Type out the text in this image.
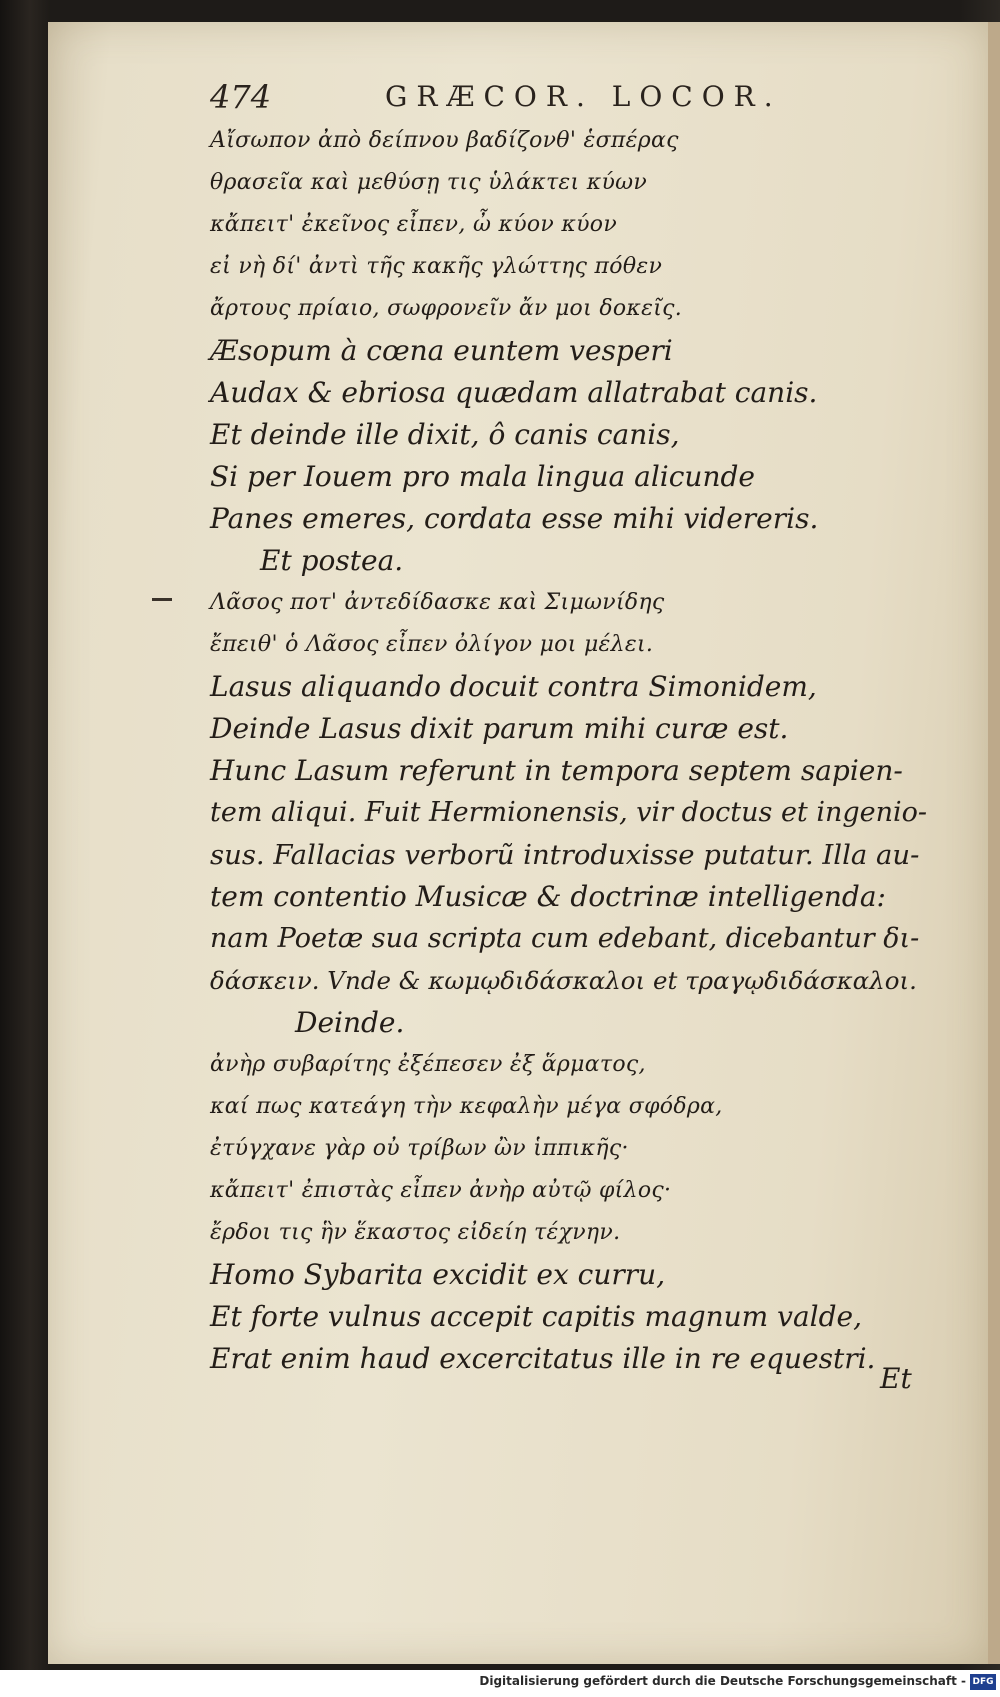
474	GRÆCOR. LOCOR.
Αἴσωπον ἀπὸ δείπνου βαδίζονθ' ἑσπέρας
θρασεῖα καὶ μεθύσῃ τις ὑλάκτει κύων
κἄπειτ' ἐκεῖνος εἶπεν, ὦ κύον κύον
εἰ νὴ δί' ἀντὶ τῆς κακῆς γλώττης πόθεν
ἄρτους πρίαιο, σωφρονεῖν ἄν μοι δοκεῖς.
Æsopum à cœna euntem vesperi
Audax & ebriosa quædam allatrabat canis.
Et deinde ille dixit, ô canis canis,
Si per Iouem pro mala lingua alicunde
Panes emeres, cordata esse mihi videreris.
Et postea.
Λᾶσος ποτ' ἀντεδίδασκε καὶ Σιμωνίδης
ἔπειθ' ὁ Λᾶσος εἶπεν ὀλίγον μοι μέλει.
Lasus aliquando docuit contra Simonidem,
Deinde Lasus dixit parum mihi curæ est.
Hunc Lasum referunt in tempora septem sapien-
tem aliqui. Fuit Hermionensis, vir doctus et ingenio-
sus. Fallacias verborũ introduxisse putatur. Illa au-
tem contentio Musicæ & doctrinæ intelligenda:
nam Poetæ sua scripta cum edebant, dicebantur δι-
δάσκειν. Vnde & κωμῳδιδάσκαλοι et τραγῳδιδάσκαλοι.
Deinde.
ἀνὴρ συβαρίτης ἐξέπεσεν ἐξ ἅρματος,
καί πως κατεάγη τὴν κεφαλὴν μέγα σφόδρα,
ἐτύγχανε γὰρ οὐ τρίβων ὢν ἱππικῆς·
κἄπειτ' ἐπιστὰς εἶπεν ἀνὴρ αὐτῷ φίλος·
ἔρδοι τις ἣν ἕκαστος εἰδείη τέχνην.
Homo Sybarita excidit ex curru,
Et forte vulnus accepit capitis magnum valde,
Erat enim haud excercitatus ille in re equestri.
Et
Digitalisierung gefördert durch die Deutsche Forschungsgemeinschaft - DFG
